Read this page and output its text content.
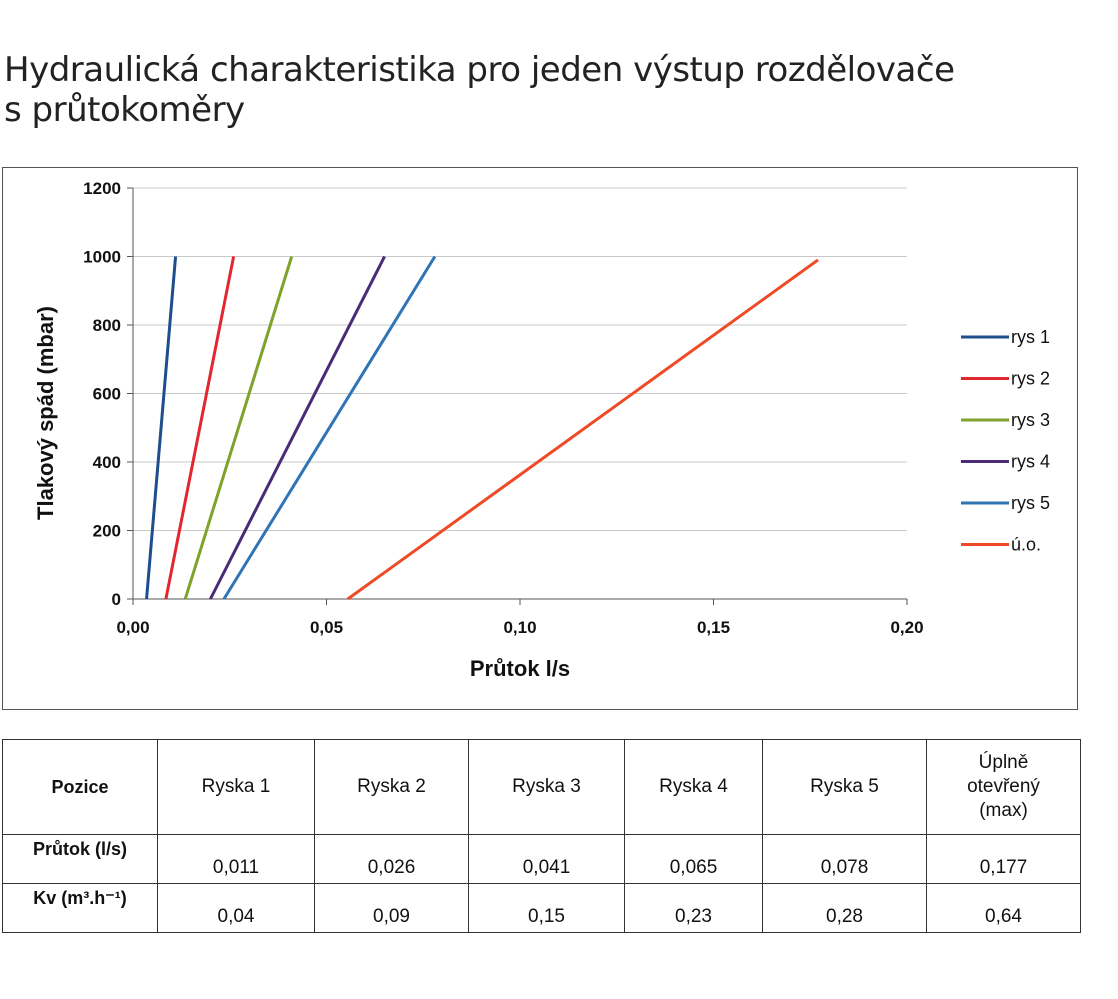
Hydraulická charakteristika pro jeden výstup rozdělovače
s průtokoměry
0
200
400
600
800
1000
1200
0,00	0,05	0,10	0,15	0,20
rys 1
rys 2
rys 3
rys 4
rys 5
ú.o.
Průtok l/s
Tlakový spád (mbar)
Pozice	Ryska 1	Ryska 2	Ryska 3	Ryska 4	Ryska 5	Úplně
otevřený
(max)
Průtok (l/s)	0,011	0,026	0,041	0,065	0,078	0,177
Kv (m³.h⁻¹)	0,04	0,09	0,15	0,23	0,28	0,64
